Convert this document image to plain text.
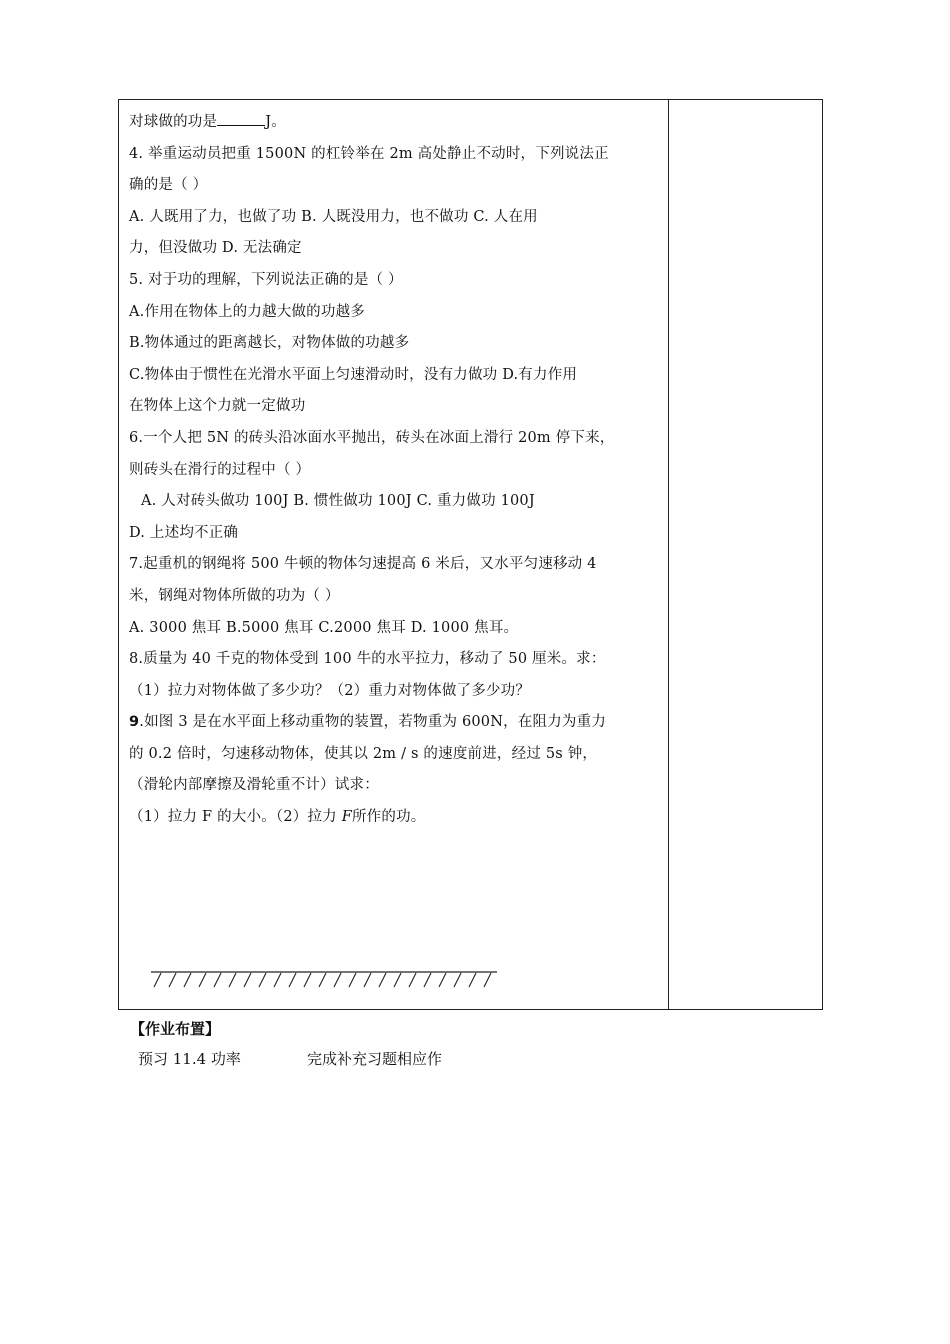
对球做的功是	J。
4. 举重运动员把重 1500N 的杠铃举在 2m 高处静止不动时，下列说法正
确的是（ ）
A. 人既用了力，也做了功 B. 人既没用力，也不做功 C. 人在用
力，但没做功 D. 无法确定
5. 对于功的理解，下列说法正确的是（ ）
A.作用在物体上的力越大做的功越多
B.物体通过的距离越长，对物体做的功越多
C.物体由于惯性在光滑水平面上匀速滑动时，没有力做功 D.有力作用
在物体上这个力就一定做功
6.一个人把 5N 的砖头沿冰面水平抛出，砖头在冰面上滑行 20m 停下来，
则砖头在滑行的过程中（ ）
A. 人对砖头做功 100J B. 惯性做功 100J C. 重力做功 100J
D. 上述均不正确
7.起重机的钢绳将 500 牛顿的物体匀速提高 6 米后，又水平匀速移动 4
米，钢绳对物体所做的功为（ ）
A. 3000 焦耳 B.5000 焦耳 C.2000 焦耳 D. 1000 焦耳。
8.质量为 40 千克的物体受到 100 牛的水平拉力，移动了 50 厘米。求：
（1）拉力对物体做了多少功？（2）重力对物体做了多少功？
9.如图 3 是在水平面上移动重物的装置，若物重为 600N，在阻力为重力
的 0.2 倍时，匀速移动物体，使其以 2m / s 的速度前进，经过 5s 钟，
（滑轮内部摩擦及滑轮重不计）试求：
（1）拉力 F 的大小。（2）拉力 F所作的功。
【作业布置】
预习 11.4 功率	完成补充习题相应作
